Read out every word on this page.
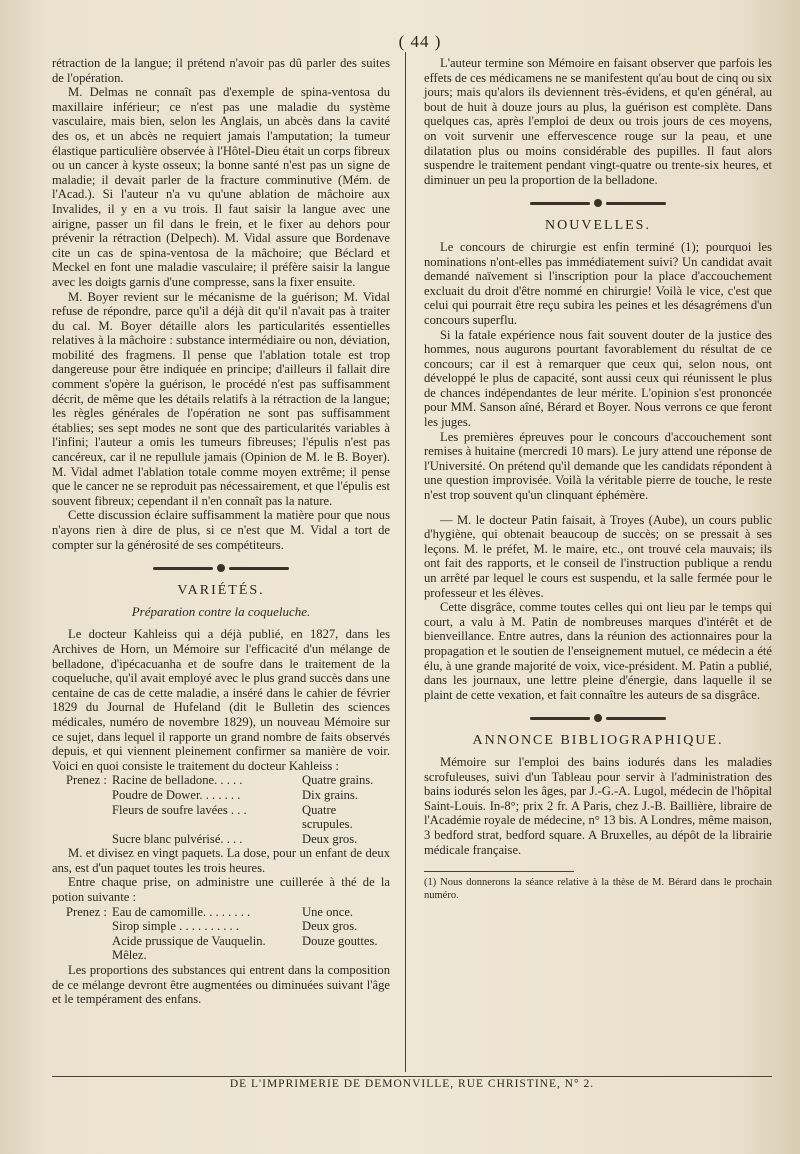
( 44 )

rétraction de la langue; il prétend n'avoir pas dû parler des suites de l'opération.

M. Delmas ne connaît pas d'exemple de spina-ventosa du maxillaire inférieur; ce n'est pas une maladie du système vasculaire, mais bien, selon les Anglais, un abcès dans la cavité des os, et un abcès ne requiert jamais l'amputation; la tumeur élastique particulière observée à l'Hôtel-Dieu était un corps fibreux ou un cancer à kyste osseux; la bonne santé n'est pas un signe de maladie; il devait parler de la fracture comminutive (Mém. de l'Acad.). Si l'auteur n'a vu qu'une ablation de mâchoire aux Invalides, il y en a vu trois. Il faut saisir la langue avec une airigne, passer un fil dans le frein, et le fixer au dehors pour prévenir la rétraction (Delpech). M. Vidal assure que Bordenave cite un cas de spina-ventosa de la mâchoire; que Béclard et Meckel en font une maladie vasculaire; il préfère saisir la langue avec les doigts garnis d'une compresse, sans la fixer ensuite.

M. Boyer revient sur le mécanisme de la guérison; M. Vidal refuse de répondre, parce qu'il a déjà dit qu'il n'avait pas à traiter du cal. M. Boyer détaille alors les particularités essentielles relatives à la mâchoire : substance intermédiaire ou non, déviation, mobilité des fragmens. Il pense que l'ablation totale est trop dangereuse pour être indiquée en principe; d'ailleurs il fallait dire comment s'opère la guérison, le procédé n'est pas suffisamment décrit, de même que les détails relatifs à la rétraction de la langue; les règles générales de l'opération ne sont pas suffisamment établies; ses sept modes ne sont que des particularités variables à l'infini; l'auteur a omis les tumeurs fibreuses; l'épulis n'est pas cancéreux, car il ne repullule jamais (Opinion de M. le B. Boyer). M. Vidal admet l'ablation totale comme moyen extrême; il pense que le cancer ne se reproduit pas nécessairement, et que l'épulis est souvent fibreux; cependant il n'en connaît pas la nature.

Cette discussion éclaire suffisamment la matière pour que nous n'ayons rien à dire de plus, si ce n'est que M. Vidal a tort de compter sur la générosité de ses compétiteurs.

VARIÉTÉS.
Préparation contre la coqueluche.

Le docteur Kahleiss qui a déjà publié, en 1827, dans les Archives de Horn, un Mémoire sur l'efficacité d'un mélange de belladone, d'ipécacuanha et de soufre dans le traitement de la coqueluche, qu'il avait employé avec le plus grand succès dans une centaine de cas de cette maladie, a inséré dans le cahier de février 1829 du Journal de Hufeland (dit le Bulletin des sciences médicales, numéro de novembre 1829), un nouveau Mémoire sur ce sujet, dans lequel il rapporte un grand nombre de faits observés depuis, et qui viennent pleinement confirmer sa manière de voir. Voici en quoi consiste le traitement du docteur Kahleiss :

Prenez :	Racine de belladone. . . . .	Quatre grains.
	Poudre de Dower. . . . . . .	Dix grains.
	Fleurs de soufre lavées . . .	Quatre scrupules.
	Sucre blanc pulvérisé. . . .	Deux gros.

M. et divisez en vingt paquets. La dose, pour un enfant de deux ans, est d'un paquet toutes les trois heures.

Entre chaque prise, on administre une cuillerée à thé de la potion suivante :

Prenez :	Eau de camomille. . . . . . . .	Une once.
	Sirop simple . . . . . . . . . .	Deux gros.
	Acide prussique de Vauquelin.	Douze gouttes.
	Mêlez.	

Les proportions des substances qui entrent dans la composition de ce mélange devront être augmentées ou diminuées suivant l'âge et le tempérament des enfans.

L'auteur termine son Mémoire en faisant observer que parfois les effets de ces médicamens ne se manifestent qu'au bout de cinq ou six jours; mais qu'alors ils deviennent très-évidens, et qu'en général, au bout de huit à douze jours au plus, la guérison est complète. Dans quelques cas, après l'emploi de deux ou trois jours de ces moyens, on voit survenir une effervescence rouge sur la peau, et une dilatation plus ou moins considérable des pupilles. Il faut alors suspendre le traitement pendant vingt-quatre ou trente-six heures, et diminuer un peu la proportion de la belladone.

NOUVELLES.

Le concours de chirurgie est enfin terminé (1); pourquoi les nominations n'ont-elles pas immédiatement suivi? Un candidat avait demandé naïvement si l'inscription pour la place d'accouchement excluait du droit d'être nommé en chirurgie! Voilà le vice, c'est que celui qui pourrait être reçu subira les peines et les désagrémens d'un concours superflu.

Si la fatale expérience nous fait souvent douter de la justice des hommes, nous augurons pourtant favorablement du résultat de ce concours; car il est à remarquer que ceux qui, selon nous, ont développé le plus de capacité, sont aussi ceux qui réunissent le plus de chances indépendantes de leur mérite. L'opinion s'est prononcée pour MM. Sanson aîné, Bérard et Boyer. Nous verrons ce que feront les juges.

Les premières épreuves pour le concours d'accouchement sont remises à huitaine (mercredi 10 mars). Le jury attend une réponse de l'Université. On prétend qu'il demande que les candidats répondent à une question improvisée. Voilà la véritable pierre de touche, le reste n'est trop souvent qu'un clinquant éphémère.

— M. le docteur Patin faisait, à Troyes (Aube), un cours public d'hygiène, qui obtenait beaucoup de succès; on se pressait à ses leçons. M. le préfet, M. le maire, etc., ont trouvé cela mauvais; ils ont fait des rapports, et le conseil de l'instruction publique a rendu un arrêté par lequel le cours est suspendu, et la salle fermée pour le professeur et les élèves.

Cette disgrâce, comme toutes celles qui ont lieu par le temps qui court, a valu à M. Patin de nombreuses marques d'intérêt et de bienveillance. Entre autres, dans la réunion des actionnaires pour la propagation et le soutien de l'enseignement mutuel, ce médecin a été élu, à une grande majorité de voix, vice-président. M. Patin a publié, dans les journaux, une lettre pleine d'énergie, dans laquelle il se plaint de cette vexation, et fait connaître les auteurs de sa disgrâce.

ANNONCE BIBLIOGRAPHIQUE.

Mémoire sur l'emploi des bains iodurés dans les maladies scrofuleuses, suivi d'un Tableau pour servir à l'administration des bains iodurés selon les âges, par J.-G.-A. Lugol, médecin de l'hôpital Saint-Louis. In-8°; prix 2 fr. A Paris, chez J.-B. Baillière, libraire de l'Académie royale de médecine, n° 13 bis. A Londres, même maison, 3 bedford strat, bedford square. A Bruxelles, au dépôt de la librairie médicale française.

(1) Nous donnerons la séance relative à la thèse de M. Bérard dans le prochain numéro.
DE L'IMPRIMERIE DE DEMONVILLE, RUE CHRISTINE, N° 2.
